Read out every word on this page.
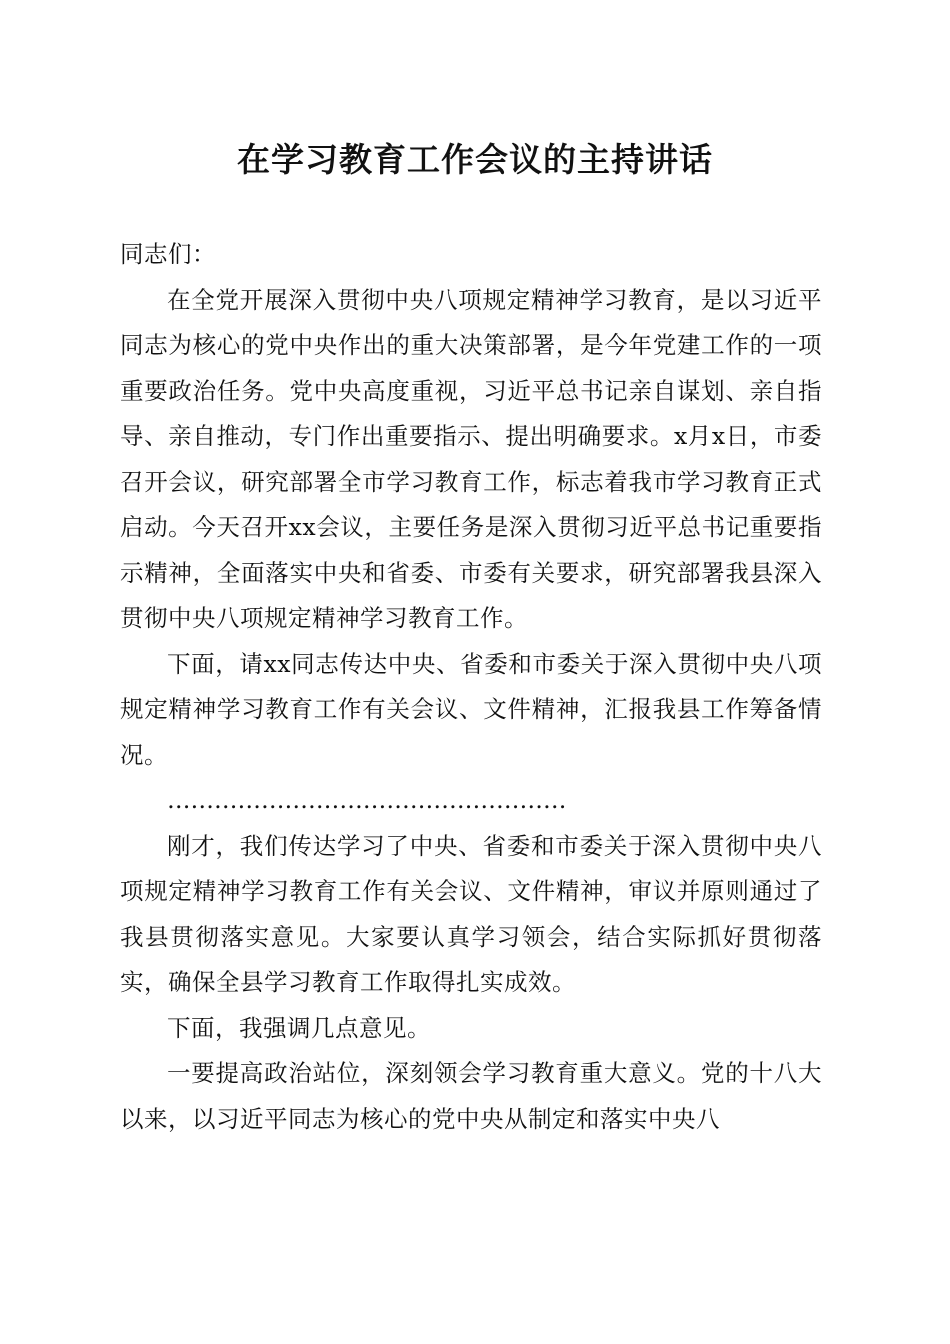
在学习教育工作会议的主持讲话

同志们：

在全党开展深入贯彻中央八项规定精神学习教育，是以习近平同志为核心的党中央作出的重大决策部署，是今年党建工作的一项重要政治任务。党中央高度重视，习近平总书记亲自谋划、亲自指导、亲自推动，专门作出重要指示、提出明确要求。x月x日，市委召开会议，研究部署全市学习教育工作，标志着我市学习教育正式启动。今天召开xx会议，主要任务是深入贯彻习近平总书记重要指示精神，全面落实中央和省委、市委有关要求，研究部署我县深入贯彻中央八项规定精神学习教育工作。

下面，请xx同志传达中央、省委和市委关于深入贯彻中央八项规定精神学习教育工作有关会议、文件精神，汇报我县工作筹备情况。

……………………………………………

刚才，我们传达学习了中央、省委和市委关于深入贯彻中央八项规定精神学习教育工作有关会议、文件精神，审议并原则通过了我县贯彻落实意见。大家要认真学习领会，结合实际抓好贯彻落实，确保全县学习教育工作取得扎实成效。

下面，我强调几点意见。

一要提高政治站位，深刻领会学习教育重大意义。党的十八大以来，以习近平同志为核心的党中央从制定和落实中央八
